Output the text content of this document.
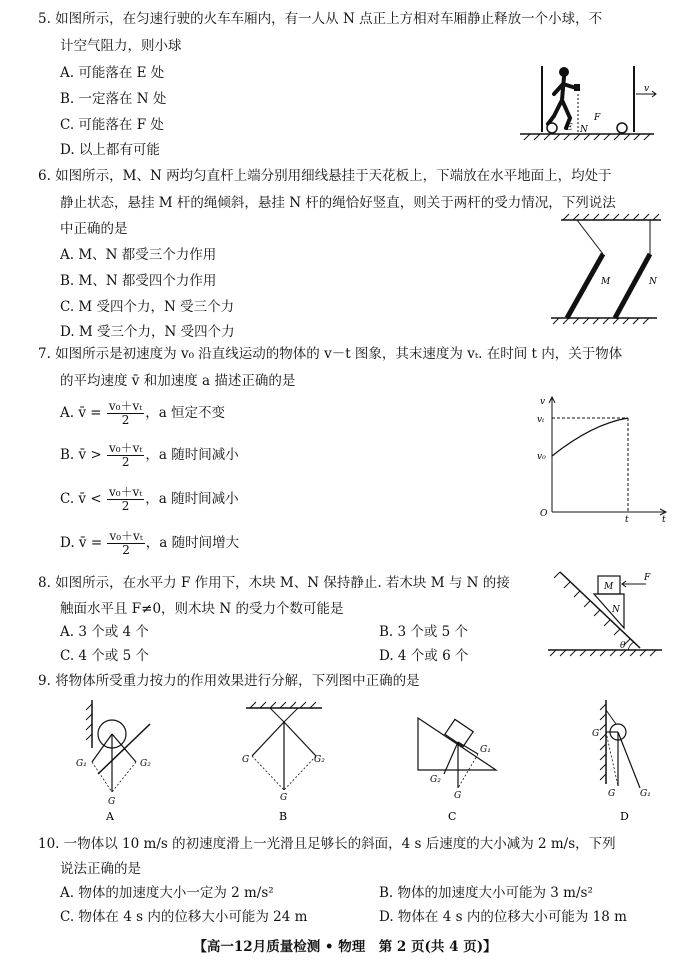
5. 如图所示，在匀速行驶的火车车厢内，有一人从 N 点正上方相对车厢静止释放一个小球，不
计空气阻力，则小球
A. 可能落在 E 处
B. 一定落在 N 处
C. 可能落在 F 处
D. 以上都有可能
E N
F
v
6. 如图所示，M、N 两均匀直杆上端分别用细线悬挂于天花板上，下端放在水平地面上，均处于
静止状态，悬挂 M 杆的绳倾斜，悬挂 N 杆的绳恰好竖直，则关于两杆的受力情况，下列说法
中正确的是
A. M、N 都受三个力作用
B. M、N 都受四个力作用
C. M 受四个力，N 受三个力
D. M 受三个力，N 受四个力
M	N
7. 如图所示是初速度为 v₀ 沿直线运动的物体的 v－t 图象，其末速度为 vₜ. 在时间 t 内，关于物体
的平均速度 v̄ 和加速度 a 描述正确的是
A. v̄ = $\frac{\text{v₀＋vₜ}}{2}$ ，a 恒定不变
B. v̄ > $\frac{\text{v₀＋vₜ}}{2}$ ，a 随时间减小
C. v̄ < $\frac{\text{v₀＋vₜ}}{2}$ ，a 随时间减小
D. v̄ = $\frac{\text{v₀＋vₜ}}{2}$ ，a 随时间增大
v
vₜ
v₀
O
t	t
8. 如图所示，在水平力 F 作用下，木块 M、N 保持静止. 若木块 M 与 N 的接
触面水平且 F≠0，则木块 N 的受力个数可能是
A. 3 个或 4 个	B. 3 个或 5 个
C. 4 个或 5 个	D. 4 个或 6 个
M
N
F
θ
9. 将物体所受重力按力的作用效果进行分解，下列图中正确的是
G₁	G₂
G
A
G	G₂
G
B
G₁
G₂
G
C
G
G	G₁
D
10. 一物体以 10 m/s 的初速度滑上一光滑且足够长的斜面，4 s 后速度的大小减为 2 m/s，下列
说法正确的是
A. 物体的加速度大小一定为 2 m/s²	B. 物体的加速度大小可能为 3 m/s²
C. 物体在 4 s 内的位移大小可能为 24 m	D. 物体在 4 s 内的位移大小可能为 18 m
【高一12月质量检测 • 物理　第 2 页(共 4 页)】
